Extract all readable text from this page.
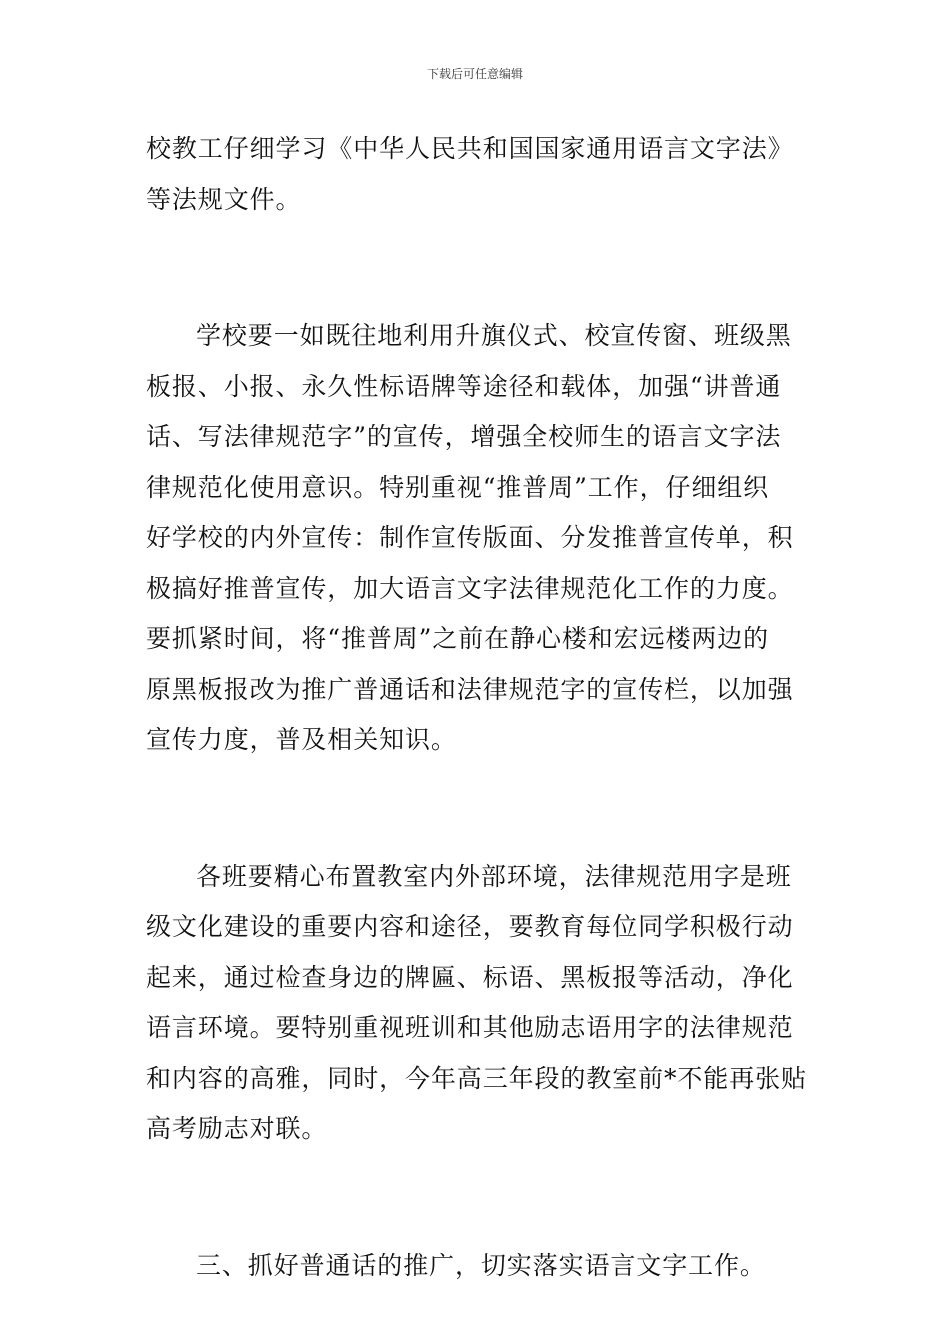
下载后可任意编辑

校教工仔细学习《中华人民共和国国家通用语言文字法》
等法规文件。

学校要一如既往地利用升旗仪式、校宣传窗、班级黑
板报、小报、永久性标语牌等途径和载体，加强“讲普通
话、写法律规范字”的宣传，增强全校师生的语言文字法
律规范化使用意识。特别重视“推普周”工作，仔细组织
好学校的内外宣传：制作宣传版面、分发推普宣传单，积
极搞好推普宣传，加大语言文字法律规范化工作的力度。
要抓紧时间，将“推普周”之前在静心楼和宏远楼两边的
原黑板报改为推广普通话和法律规范字的宣传栏，以加强
宣传力度，普及相关知识。

各班要精心布置教室内外部环境，法律规范用字是班
级文化建设的重要内容和途径，要教育每位同学积极行动
起来，通过检查身边的牌匾、标语、黑板报等活动，净化
语言环境。要特别重视班训和其他励志语用字的法律规范
和内容的高雅，同时，今年高三年段的教室前*不能再张贴
高考励志对联。

三、抓好普通话的推广，切实落实语言文字工作。
